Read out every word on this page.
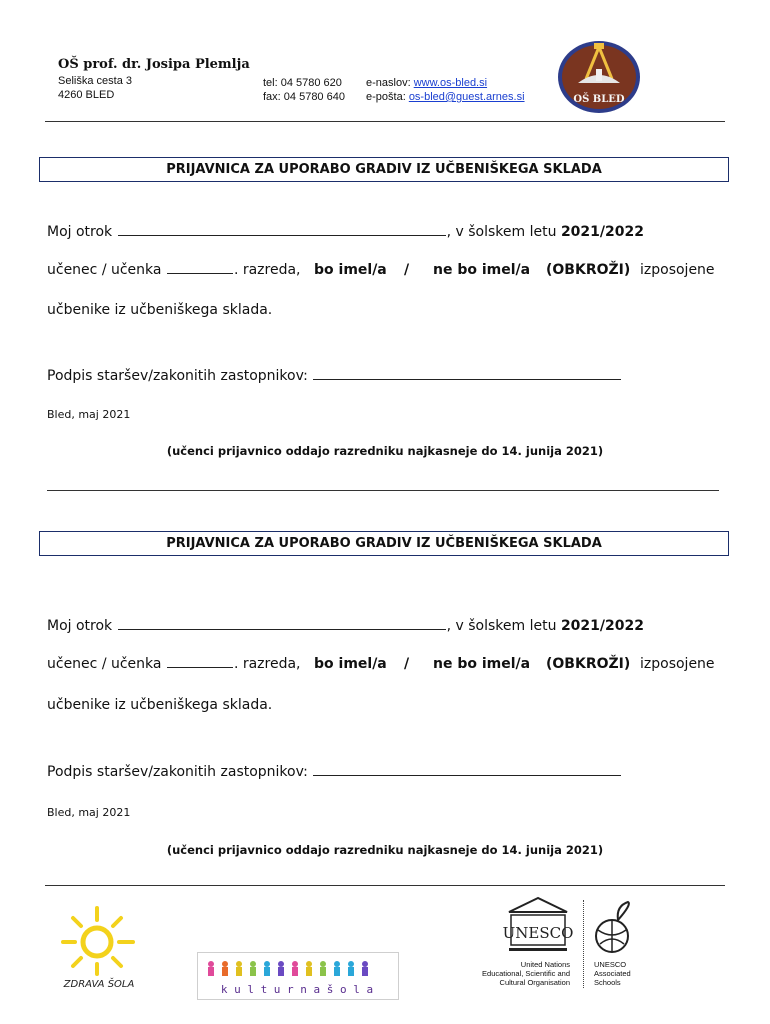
OŠ prof. dr. Josipa Plemlja
Seliška cesta 3
4260 BLED
tel: 04 5780 620
fax: 04 5780 640
e-naslov: www.os-bled.si
e-pošta: os-bled@guest.arnes.si	OŠ BLED
PRIJAVNICA ZA UPORABO GRADIV IZ UČBENIŠKEGA SKLADA
Moj otrok	, v šolskem letu 2021/2022
učenec / učenka	. razreda, bo imel/a / ne bo imel/a (OBKROŽI) izposojene
učbenike iz učbeniškega sklada.
Podpis staršev/zakonitih zastopnikov:
Bled, maj 2021
(učenci prijavnico oddajo razredniku najkasneje do 14. junija 2021)
PRIJAVNICA ZA UPORABO GRADIV IZ UČBENIŠKEGA SKLADA
Moj otrok	, v šolskem letu 2021/2022
učenec / učenka	. razreda, bo imel/a / ne bo imel/a (OBKROŽI) izposojene
učbenike iz učbeniškega sklada.
Podpis staršev/zakonitih zastopnikov:
Bled, maj 2021
(učenci prijavnico oddajo razredniku najkasneje do 14. junija 2021)
ZDRAVA ŠOLA	k u l t u r n a š o l a
UNESCO
United Nations
Educational, Scientific and
Cultural Organisation
UNESCO
Associated
Schools
